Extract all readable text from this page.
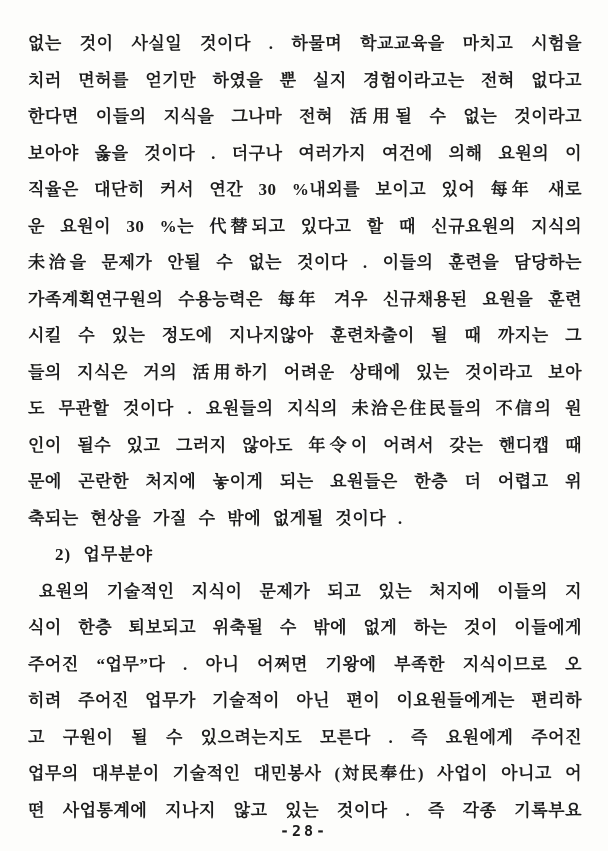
없는 것이 사실일 것이다 . 하물며 학교교육을 마치고 시험을

치러 면허를 얻기만 하였을 뿐 실지 경험이라고는 전혀 없다고

한다면 이들의 지식을 그나마 전혀 活用될 수 없는 것이라고

보아야 옳을 것이다 . 더구나 여러가지 여건에 의해 요원의 이

직율은 대단히 커서 연간 30 %내외를 보이고 있어 每年 새로

운 요원이 30 %는 代替되고 있다고 할 때 신규요원의 지식의

未洽을 문제가 안될 수 없는 것이다 . 이들의 훈련을 담당하는

가족계획연구원의 수용능력은 每年 겨우 신규채용된 요원을 훈련

시킬 수 있는 정도에 지나지않아 훈련차출이 될 때 까지는 그

들의 지식은 거의 活用하기 어려운 상태에 있는 것이라고 보아

도 무관할 것이다 . 요원들의 지식의 未洽은住民들의 不信의 원

인이 될수 있고 그러지 않아도 年令이 어려서 갖는 핸디캡 때

문에 곤란한 처지에 놓이게 되는 요원들은 한층 더 어렵고 위

축되는 현상을 가질 수 밖에 없게될 것이다 .

2) 업무분야

요원의 기술적인 지식이 문제가 되고 있는 처지에 이들의 지

식이 한층 퇴보되고 위축될 수 밖에 없게 하는 것이 이들에게

주어진 “업무”다 . 아니 어쩌면 기왕에 부족한 지식이므로 오

히려 주어진 업무가 기술적이 아닌 편이 이요원들에게는 편리하

고 구원이 될 수 있으려는지도 모른다 . 즉 요원에게 주어진

업무의 대부분이 기술적인 대민봉사 (対民奉仕) 사업이 아니고 어

떤 사업통계에 지나지 않고 있는 것이다 . 즉 각종 기록부요

-28-
